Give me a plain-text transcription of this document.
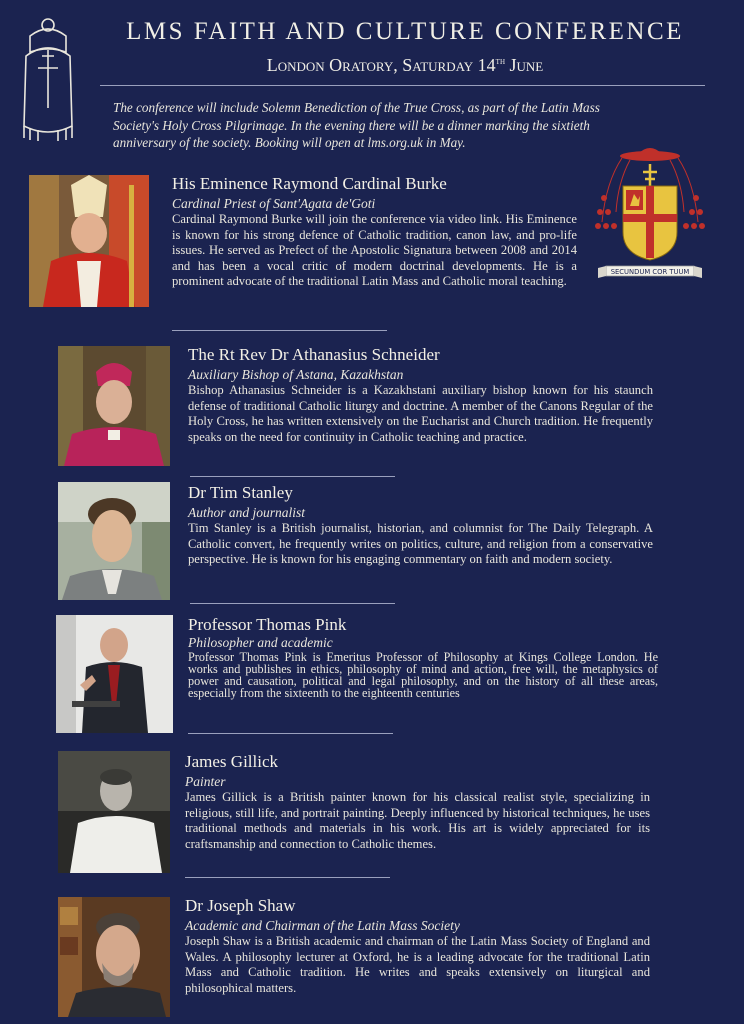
LMS FAITH AND CULTURE CONFERENCE
London Oratory, Saturday 14th June
The conference will include Solemn Benediction of the True Cross, as part of the Latin Mass Society's Holy Cross Pilgrimage. In the evening there will be a dinner marking the sixtieth anniversary of the society. Booking will open at lms.org.uk in May.
SECUNDUM COR TUUM
His Eminence Raymond Cardinal Burke
Cardinal Priest of Sant'Agata de'Goti
Cardinal Raymond Burke will join the conference via video link. His Eminence is known for his strong defence of Catholic tradition, canon law, and pro-life issues. He served as Prefect of the Apostolic Signatura between 2008 and 2014 and has been a vocal critic of modern doctrinal developments. He is a prominent advocate of the traditional Latin Mass and Catholic moral teaching.
The Rt Rev Dr Athanasius Schneider
Auxiliary Bishop of Astana, Kazakhstan
Bishop Athanasius Schneider is a Kazakhstani auxiliary bishop known for his staunch defense of traditional Catholic liturgy and doctrine. A member of the Canons Regular of the Holy Cross, he has written extensively on the Eucharist and Church tradition. He frequently speaks on the need for continuity in Catholic teaching and practice.
Dr Tim Stanley
Author and journalist
Tim Stanley is a British journalist, historian, and columnist for The Daily Telegraph. A Catholic convert, he frequently writes on politics, culture, and religion from a conservative perspective. He is known for his engaging commentary on faith and modern society.
Professor Thomas Pink
Philosopher and academic
Professor Thomas Pink is Emeritus Professor of Philosophy at Kings College London. He works and publishes in ethics, philosophy of mind and action, free will, the metaphysics of power and causation, political and legal philosophy, and on the history of all these areas, especially from the sixteenth to the eighteenth centuries
James Gillick
Painter
James Gillick is a British painter known for his classical realist style, specializing in religious, still life, and portrait painting. Deeply influenced by historical techniques, he uses traditional methods and materials in his work. His art is widely appreciated for its craftsmanship and connection to Catholic themes.
Dr Joseph Shaw
Academic and Chairman of the Latin Mass Society
Joseph Shaw is a British academic and chairman of the Latin Mass Society of England and Wales. A philosophy lecturer at Oxford, he is a leading advocate for the traditional Latin Mass and Catholic tradition. He writes and speaks extensively on liturgical and philosophical matters.
